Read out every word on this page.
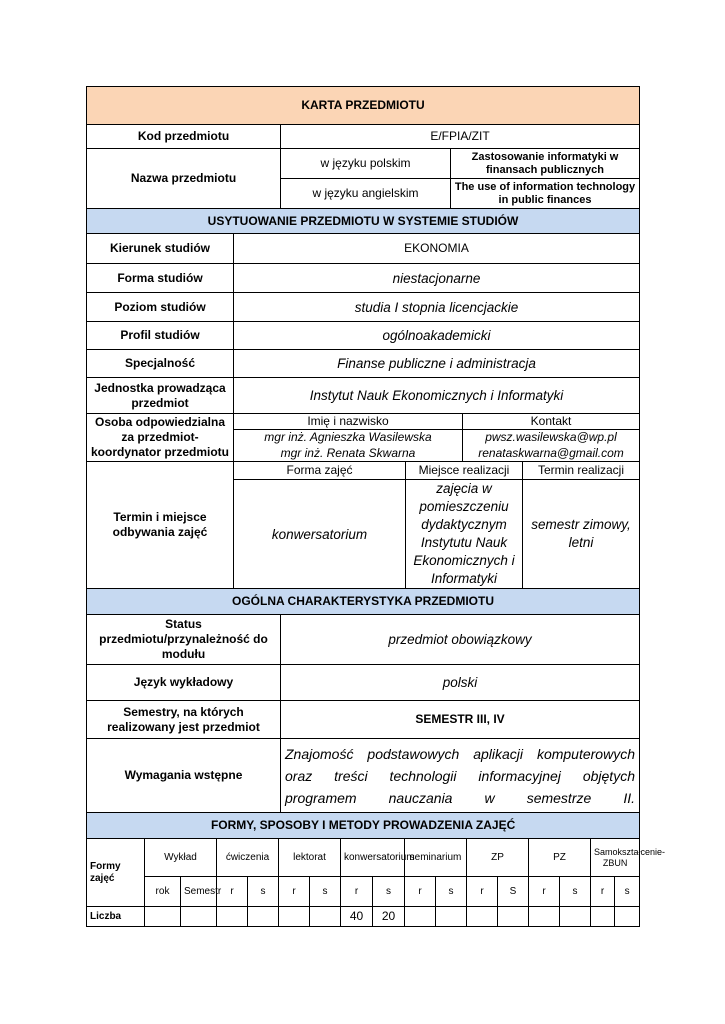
KARTA PRZEDMIOTU		
Kod przedmiotu	E/FPIA/ZIT	
Nazwa przedmiotu	w języku polskim	Zastosowanie informatyki w finansach publicznych
	w języku angielskim	The use of information technology in public finances
USYTUOWANIE PRZEDMIOTU W SYSTEMIE STUDIÓW				
Kierunek studiów	EKONOMIA			
Forma studiów	niestacjonarne			
Poziom studiów	studia I stopnia licencjackie			
Profil studiów	ogólnoakademicki			
Specjalność	Finanse publiczne i administracja			
Jednostka prowadząca przedmiot	Instytut Nauk Ekonomicznych i Informatyki			
Osoba odpowiedzialna za przedmiot- koordynator przedmiotu	Imię i nazwisko		Kontakt	
	mgr inż. Agnieszka Wasilewska		pwsz.wasilewska@wp.pl	
	mgr inż. Renata Skwarna		renataskwarna@gmail.com	
Termin i miejsce odbywania zajęć	Forma zajęć	Miejsce realizacji		Termin realizacji
	konwersatorium	zajęcia w pomieszczeniu dydaktycznym Instytutu Nauk Ekonomicznych i Informatyki		semestr zimowy, letni
OGÓLNA CHARAKTERYSTYKA PRZEDMIOTU	
Status przedmiotu/przynależność do modułu	przedmiot obowiązkowy
Język wykładowy	polski
Semestry, na których realizowany jest przedmiot	SEMESTR III, IV
Wymagania wstępne	Znajomość podstawowych aplikacji komputerowych oraz treści technologii informacyjnej objętych programem nauczania w semestrze II.
FORMY, SPOSOBY I METODY PROWADZENIA ZAJĘĆ																
Formy zajęć	Wykład		ćwiczenia		lektorat		konwersatorium		seminarium		ZP		PZ		Samokształcenie-ZBUN	
	rok	Semestr	r	s	r	s	r	s	r	s	r	S	r	s	r	s
Liczba							40	20								
